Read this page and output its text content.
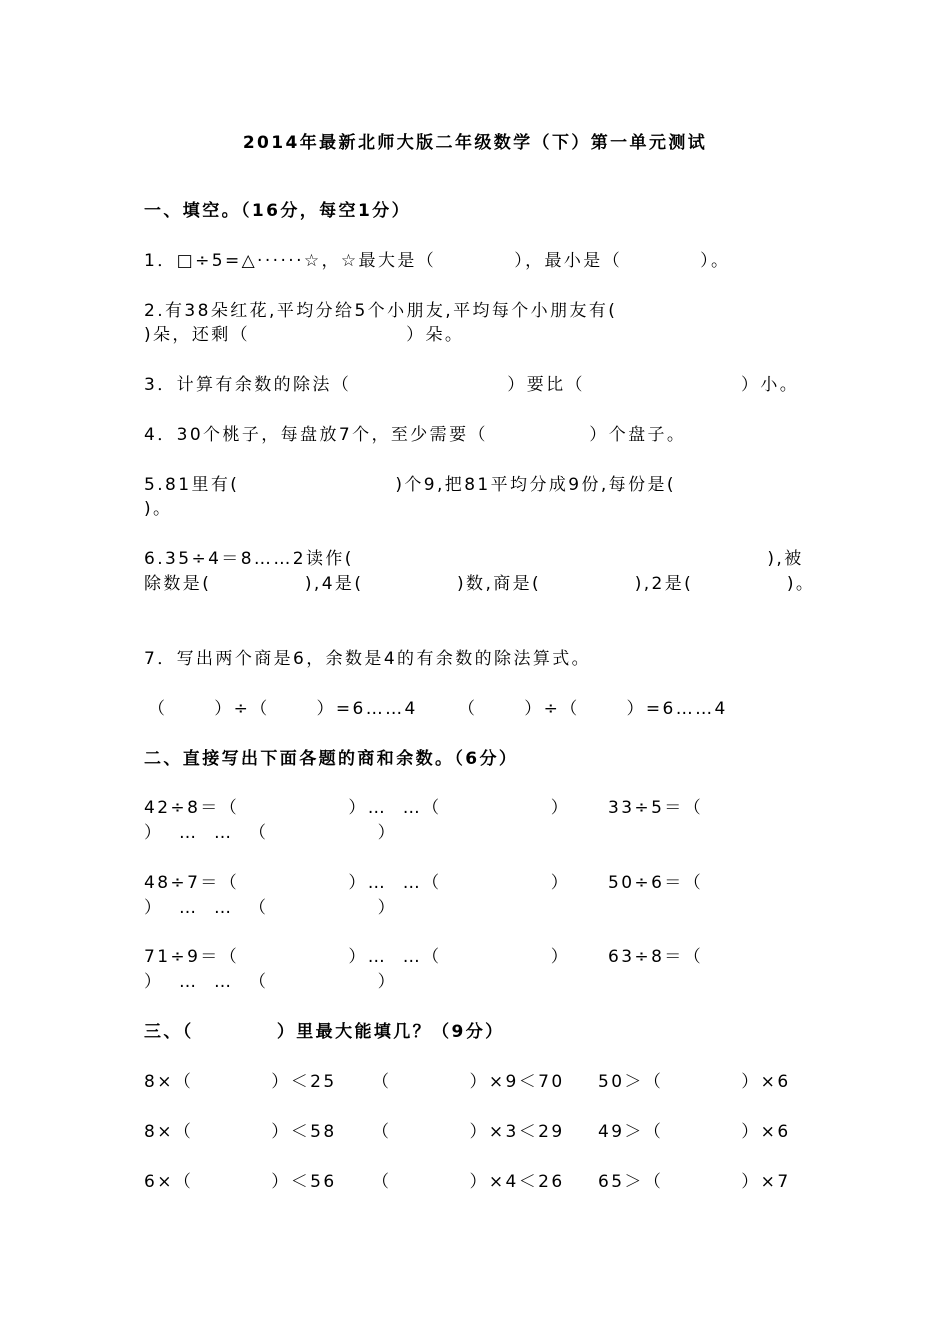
2014年最新北师大版二年级数学（下）第一单元测试
一、填空。（16分，每空1分）
1．□÷5=△······☆，☆最大是（          ），最小是（          ）。
2.有38朵红花,平均分给5个小朋友,平均每个小朋友有(
)朵，还剩（                    ）朵。
3．计算有余数的除法（                    ）要比（                    ）小。
4．30个桃子，每盘放7个，至少需要（             ）个盘子。
5.81里有(                    )个9,把81平均分成9份,每份是(
)。
6.35÷4＝8……2读作(                                                     ),被
除数是(            ),4是(            )数,商是(            ),2是(            )。
7．写出两个商是6，余数是4的有余数的除法算式。
（      ）÷（      ）=6……4 （      ）÷（      ）=6……4
二、直接写出下面各题的商和余数。（6分）
42÷8＝（              ）…  …（              ） 33÷5＝（
）  …  …  （              ）
48÷7＝（              ）…  …（              ） 50÷6＝（
）  …  …  （              ）
71÷9＝（              ）…  …（              ） 63÷8＝（
）  …  …  （              ）
三、（          ）里最大能填几？（9分）
8×（          ）＜25 （          ）×9＜70 50＞（          ）×6
8×（          ）＜58 （          ）×3＜29 49＞（          ）×6
6×（          ）＜56 （          ）×4＜26 65＞（          ）×7
